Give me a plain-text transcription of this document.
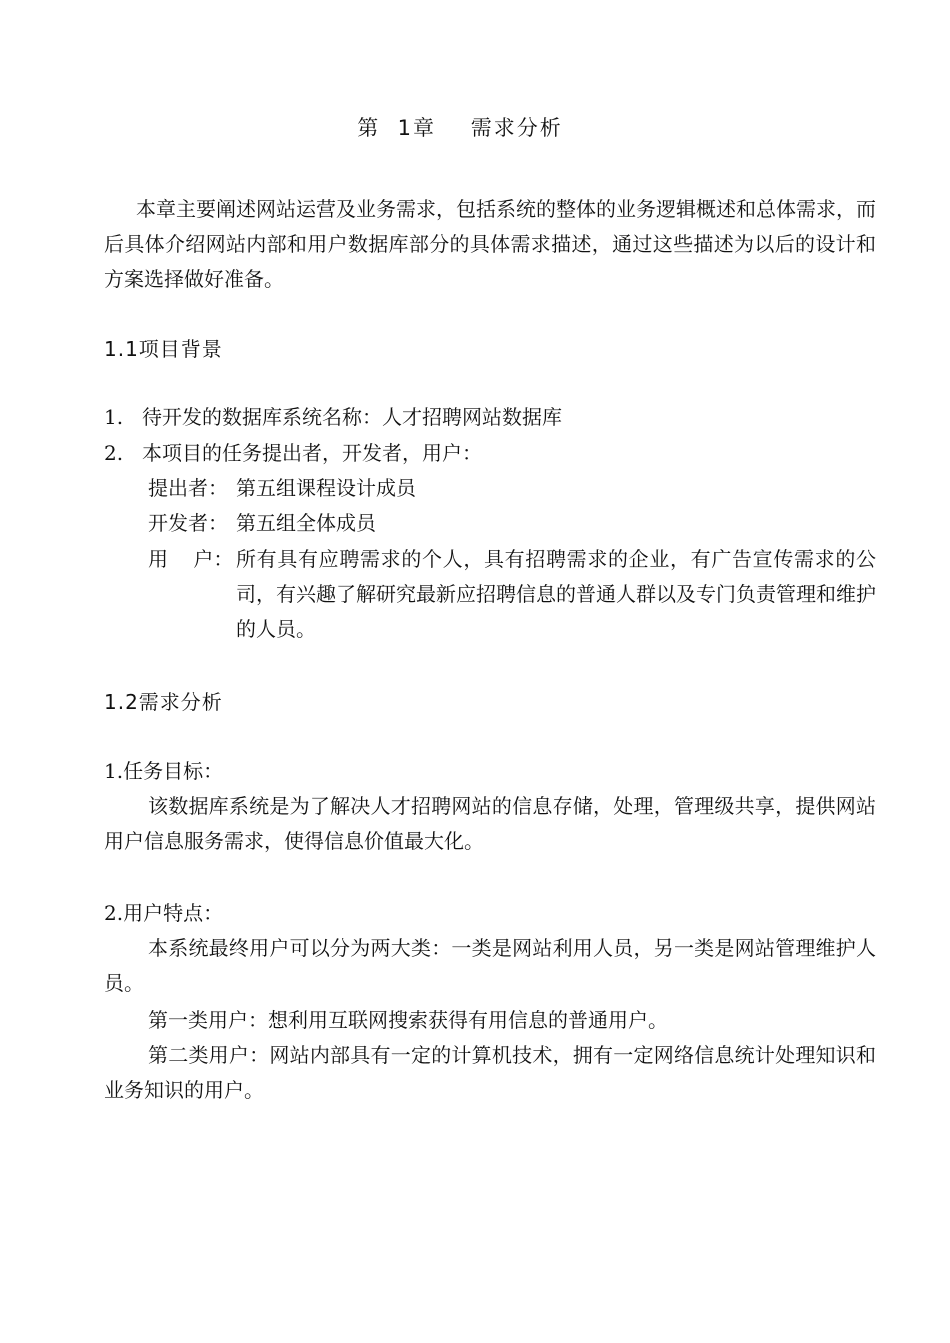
第  1章    需求分析
本章主要阐述网站运营及业务需求，包括系统的整体的业务逻辑概述和总体需求，而后具体介绍网站内部和用户数据库部分的具体需求描述，通过这些描述为以后的设计和方案选择做好准备。
1.1项目背景
1. 待开发的数据库系统名称：人才招聘网站数据库
2. 本项目的任务提出者，开发者，用户：
提出者： 第五组课程设计成员
开发者： 第五组全体成员
用    户： 所有具有应聘需求的个人，具有招聘需求的企业，有广告宣传需求的公司，有兴趣了解研究最新应招聘信息的普通人群以及专门负责管理和维护的人员。
1.2需求分析
1.任务目标：
该数据库系统是为了解决人才招聘网站的信息存储，处理，管理级共享，提供网站用户信息服务需求，使得信息价值最大化。
2.用户特点：
本系统最终用户可以分为两大类：一类是网站利用人员，另一类是网站管理维护人员。
第一类用户：想利用互联网搜索获得有用信息的普通用户。
第二类用户：网站内部具有一定的计算机技术，拥有一定网络信息统计处理知识和业务知识的用户。
